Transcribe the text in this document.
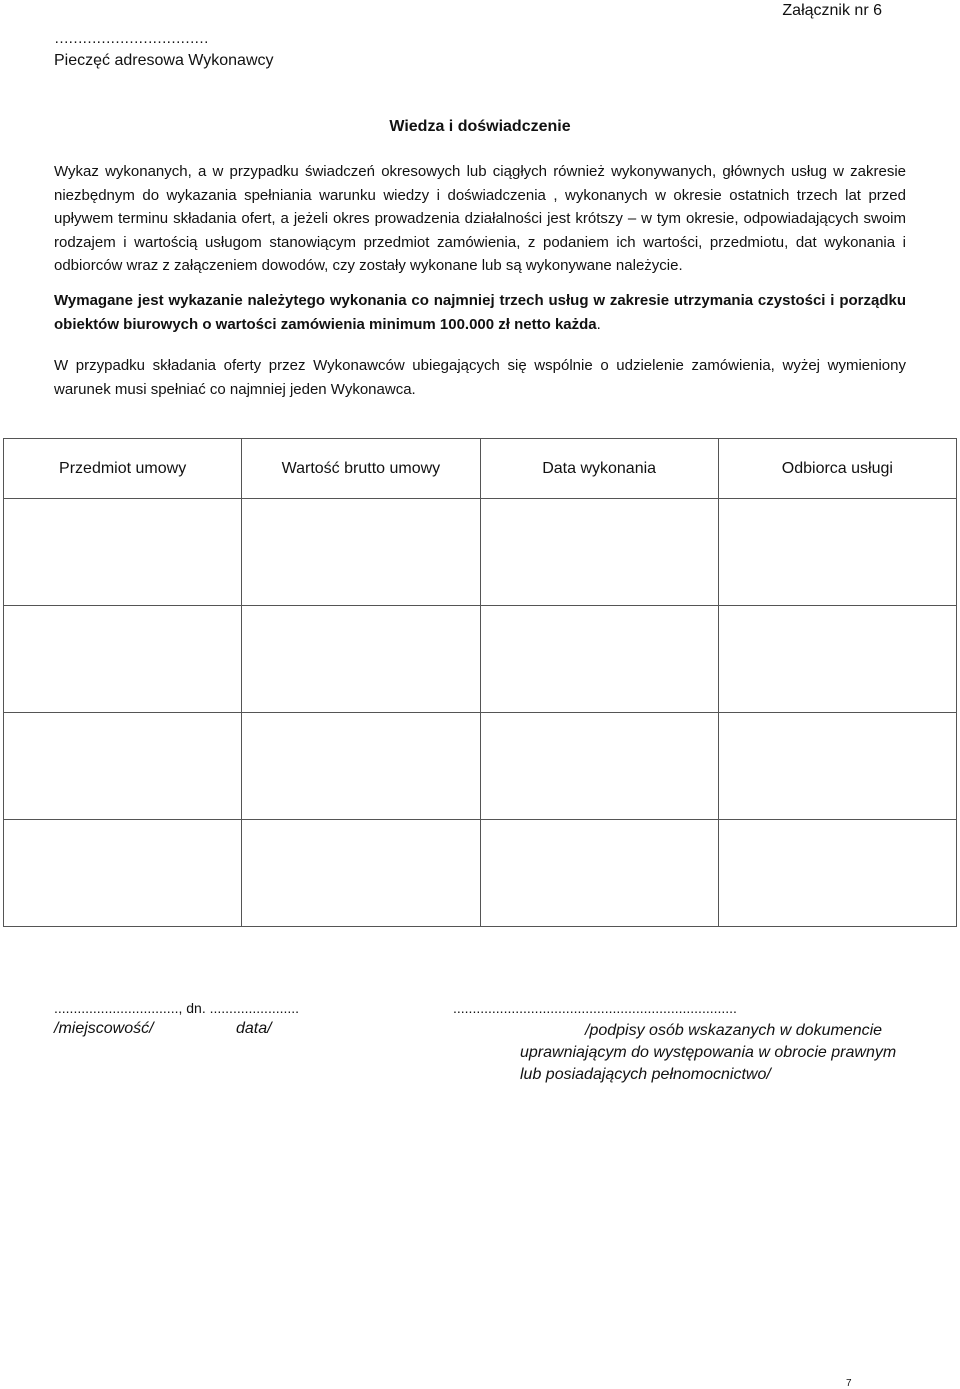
Załącznik nr 6
……………………………
Pieczęć adresowa Wykonawcy
Wiedza i doświadczenie
Wykaz wykonanych, a w przypadku świadczeń okresowych lub ciągłych również wykonywanych, głównych usług w zakresie niezbędnym do wykazania spełniania warunku wiedzy i doświadczenia , wykonanych w okresie ostatnich trzech lat przed upływem terminu składania ofert, a jeżeli okres prowadzenia działalności jest krótszy – w tym okresie, odpowiadających swoim rodzajem i wartością usługom stanowiącym przedmiot zamówienia, z podaniem ich wartości, przedmiotu, dat wykonania i odbiorców wraz z załączeniem dowodów, czy zostały wykonane lub są wykonywane należycie.
Wymagane jest wykazanie należytego wykonania co najmniej trzech usług w zakresie utrzymania czystości i porządku obiektów biurowych o wartości zamówienia minimum 100.000 zł netto każda.
W przypadku składania oferty przez Wykonawców ubiegających się wspólnie o udzielenie zamówienia, wyżej wymieniony warunek musi spełniać co najmniej jeden Wykonawca.
Przedmiot umowy	Wartość brutto umowy	Data wykonania	Odbiorca usługi

................................, dn. .......................	.........................................................................
/miejscowość/	data/	/podpisy osób wskazanych w dokumencie
uprawniającym do występowania w obrocie prawnym
lub posiadających pełnomocnictwo/
7
